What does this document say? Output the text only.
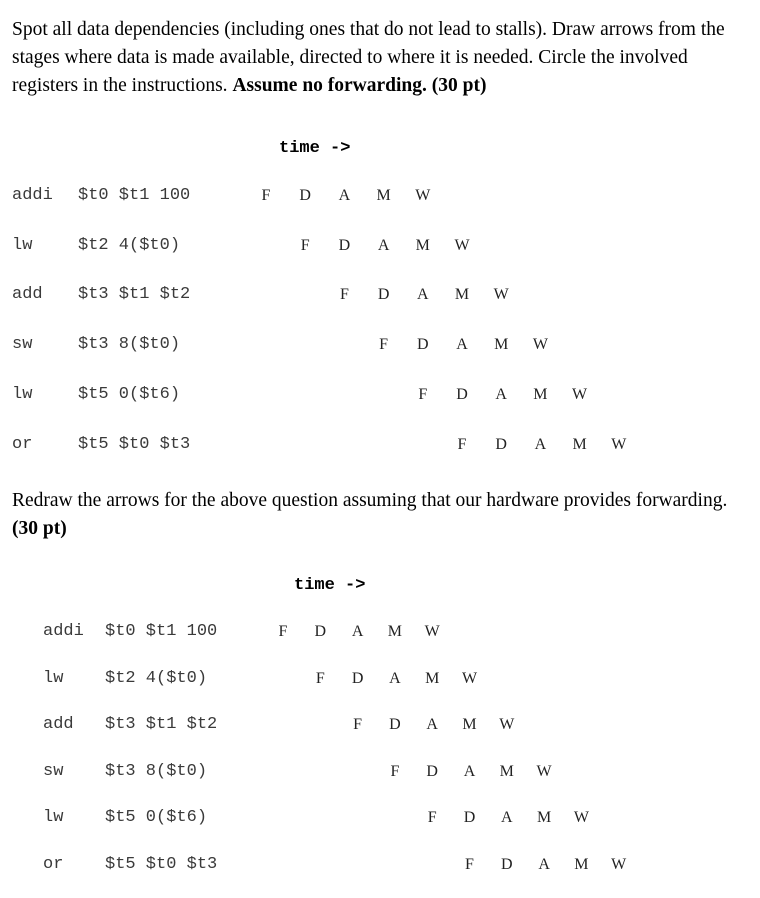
Spot all data dependencies (including ones that do not lead to stalls). Draw arrows from the stages where data is made available, directed to where it is needed. Circle the involved registers in the instructions. Assume no forwarding. (30 pt)

time ->
addi $t0 $t1 100	F	D A M W
lw	$t2 4($t0)	F	D A M W
add $t3 $t1 $t2	F	D A M W
sw	$t3 8($t0)	F	D A M W
lw	$t5 0($t6)	F	D A M W
or	$t5 $t0 $t3	F	D A M W

Redraw the arrows for the above question assuming that our hardware provides forwarding. (30 pt)

time ->
addi $t0 $t1 100	F	D A M W
lw $t2 4($t0)	F	D A M W
add $t3 $t1 $t2	F	D A M W
sw $t3 8($t0)	F	D A M W
lw $t5 0($t6)	F	D A M W
or $t5 $t0 $t3	F	D A M W
